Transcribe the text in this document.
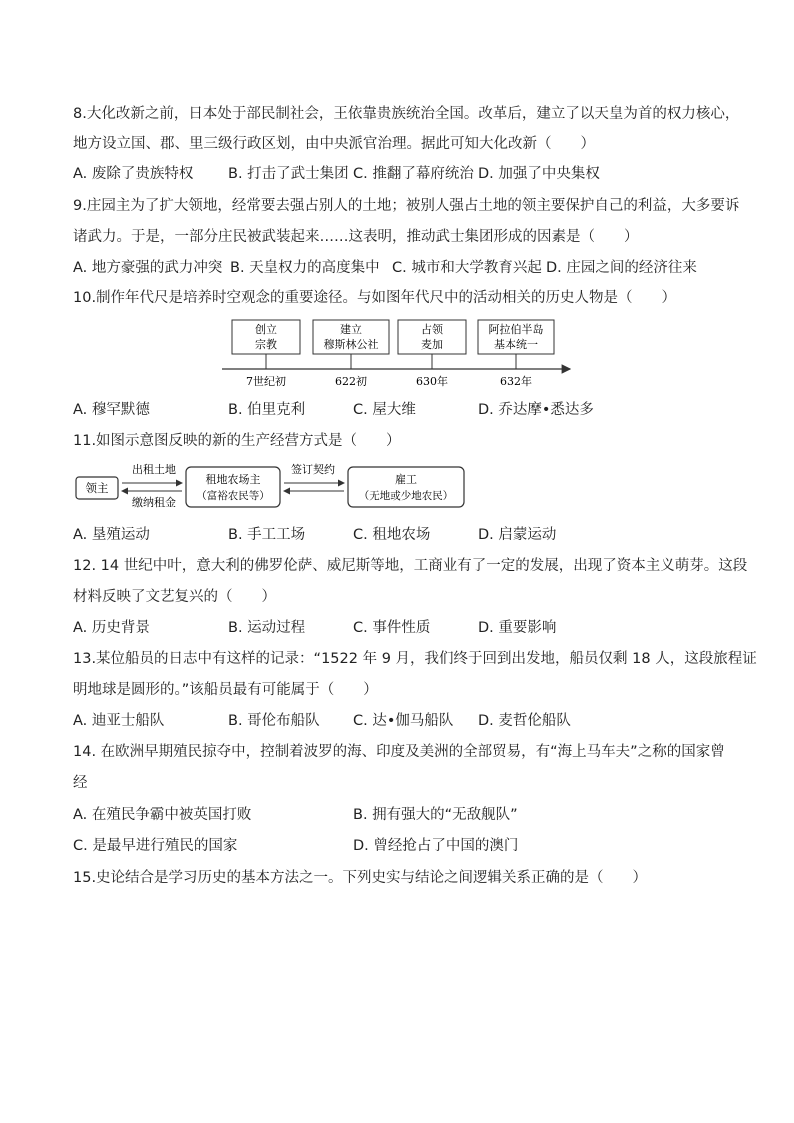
8.大化改新之前，日本处于部民制社会，王依靠贵族统治全国。改革后，建立了以天皇为首的权力核心，
地方设立国、郡、里三级行政区划，由中央派官治理。据此可知大化改新（　　）
A. 废除了贵族特权 B. 打击了武士集团 C. 推翻了幕府统治 D. 加强了中央集权
9.庄园主为了扩大领地，经常要去强占别人的土地；被别人强占土地的领主要保护自己的利益，大多要诉
诸武力。于是，一部分庄民被武装起来……这表明，推动武士集团形成的因素是（　　）
A. 地方豪强的武力冲突 B. 天皇权力的高度集中 C. 城市和大学教育兴起 D. 庄园之间的经济往来
10.制作年代尺是培养时空观念的重要途径。与如图年代尺中的活动相关的历史人物是（　　）
创立
宗教
7世纪初
建立
穆斯林公社
622初
占领
麦加
630年
阿拉伯半岛
基本统一
632年
A. 穆罕默德	B. 伯里克利	C. 屋大维	D. 乔达摩•悉达多
11.如图示意图反映的新的生产经营方式是（　　）
领主
出租土地
缴纳租金
租地农场主
（富裕农民等）
签订契约
雇工
（无地或少地农民）
A. 垦殖运动	B. 手工工场	C. 租地农场	D. 启蒙运动
12. 14 世纪中叶，意大利的佛罗伦萨、威尼斯等地，工商业有了一定的发展，出现了资本主义萌芽。这段
材料反映了文艺复兴的（　　）
A. 历史背景	B. 运动过程	C. 事件性质	D. 重要影响
13.某位船员的日志中有这样的记录：“1522 年 9 月，我们终于回到出发地，船员仅剩 18 人，这段旅程证
明地球是圆形的。”该船员最有可能属于（　　）
A. 迪亚士船队	B. 哥伦布船队 C. 达•伽马船队 D. 麦哲伦船队
14. 在欧洲早期殖民掠夺中，控制着波罗的海、印度及美洲的全部贸易，有“海上马车夫”之称的国家曾
经
A. 在殖民争霸中被英国打败	B. 拥有强大的“无敌舰队”
C. 是最早进行殖民的国家	D. 曾经抢占了中国的澳门
15.史论结合是学习历史的基本方法之一。下列史实与结论之间逻辑关系正确的是（　　）
